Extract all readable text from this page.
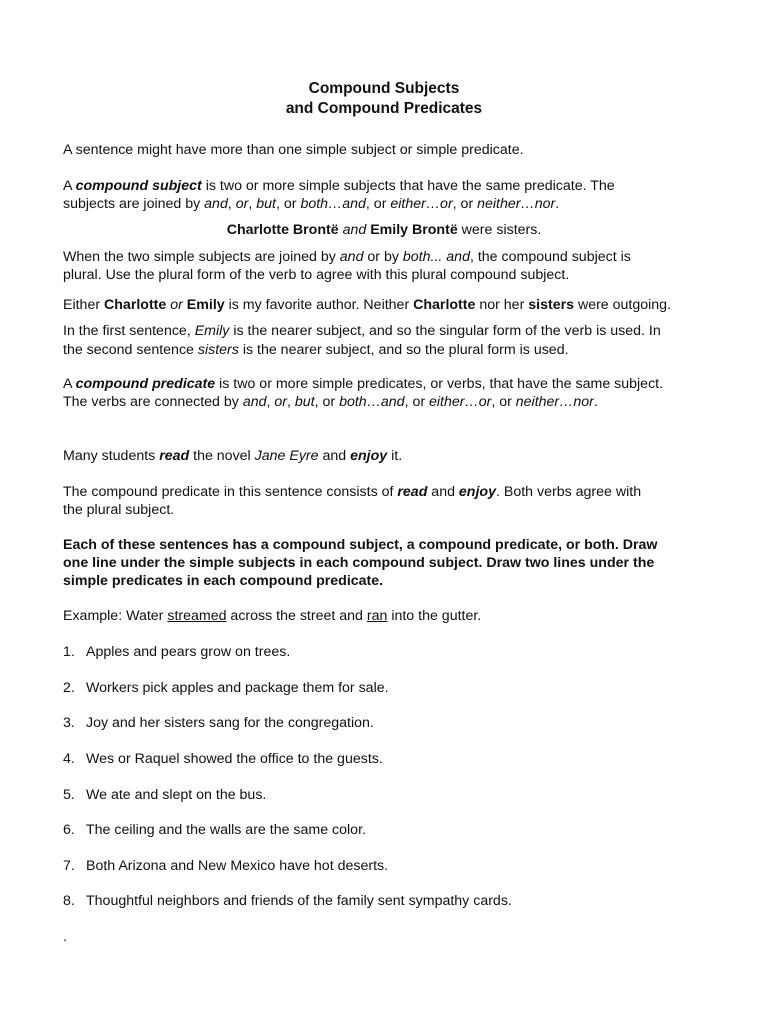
Compound Subjects
and Compound Predicates
A sentence might have more than one simple subject or simple predicate.
A compound subject is two or more simple subjects that have the same predicate. The
subjects are joined by and, or, but, or both…and, or either…or, or neither…nor.
Charlotte Brontë and Emily Brontë were sisters.
When the two simple subjects are joined by and or by both... and, the compound subject is
plural. Use the plural form of the verb to agree with this plural compound subject.
Either Charlotte or Emily is my favorite author. Neither Charlotte nor her sisters were outgoing.
In the first sentence, Emily is the nearer subject, and so the singular form of the verb is used. In
the second sentence sisters is the nearer subject, and so the plural form is used.
A compound predicate is two or more simple predicates, or verbs, that have the same subject.
The verbs are connected by and, or, but, or both…and, or either…or, or neither…nor.
Many students read the novel Jane Eyre and enjoy it.
The compound predicate in this sentence consists of read and enjoy. Both verbs agree with
the plural subject.
Each of these sentences has a compound subject, a compound predicate, or both. Draw
one line under the simple subjects in each compound subject. Draw two lines under the
simple predicates in each compound predicate.
Example: Water streamed across the street and ran into the gutter.
1. Apples and pears grow on trees.
2. Workers pick apples and package them for sale.
3. Joy and her sisters sang for the congregation.
4. Wes or Raquel showed the office to the guests.
5. We ate and slept on the bus.
6. The ceiling and the walls are the same color.
7. Both Arizona and New Mexico have hot deserts.
8. Thoughtful neighbors and friends of the family sent sympathy cards.
.
